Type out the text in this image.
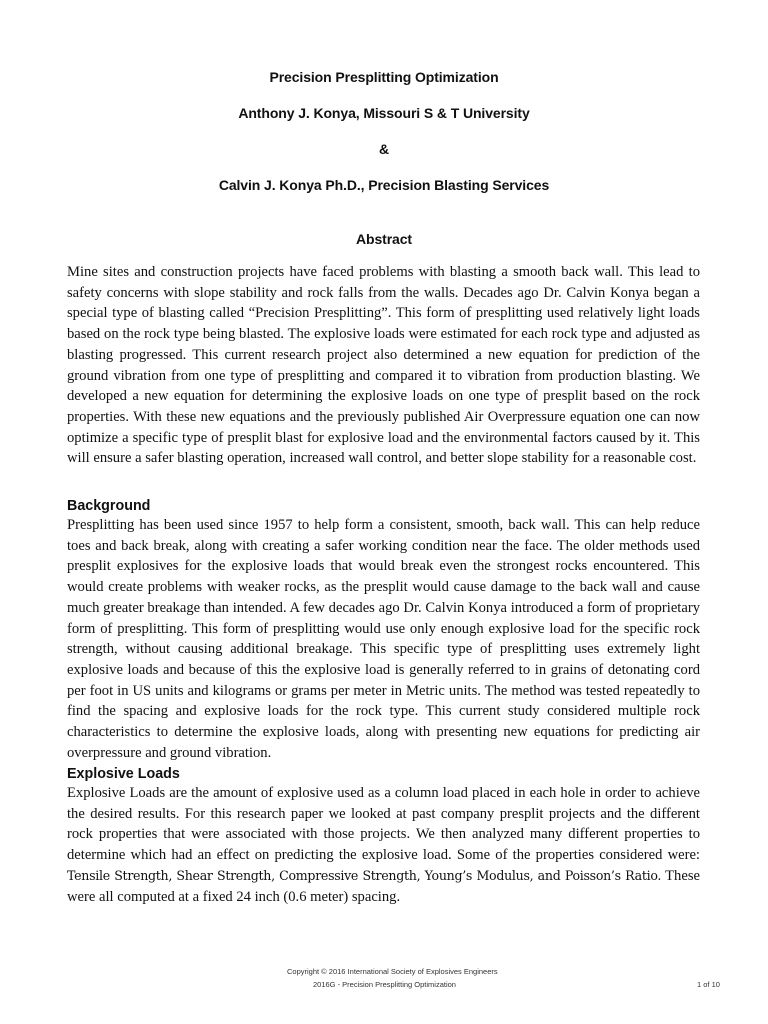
Precision Presplitting Optimization
Anthony J. Konya, Missouri S & T University
&
Calvin J. Konya Ph.D., Precision Blasting Services
Abstract

Mine sites and construction projects have faced problems with blasting a smooth back wall. This lead to safety concerns with slope stability and rock falls from the walls. Decades ago Dr. Calvin Konya began a special type of blasting called “Precision Presplitting”. This form of presplitting used relatively light loads based on the rock type being blasted. The explosive loads were estimated for each rock type and adjusted as blasting progressed. This current research project also determined a new equation for prediction of the ground vibration from one type of presplitting and compared it to vibration from production blasting. We developed a new equation for determining the explosive loads on one type of presplit based on the rock properties. With these new equations and the previously published Air Overpressure equation one can now optimize a specific type of presplit blast for explosive load and the environmental factors caused by it. This will ensure a safer blasting operation, increased wall control, and better slope stability for a reasonable cost.

Background

Presplitting has been used since 1957 to help form a consistent, smooth, back wall. This can help reduce toes and back break, along with creating a safer working condition near the face. The older methods used presplit explosives for the explosive loads that would break even the strongest rocks encountered. This would create problems with weaker rocks, as the presplit would cause damage to the back wall and cause much greater breakage than intended. A few decades ago Dr. Calvin Konya introduced a form of proprietary form of presplitting. This form of presplitting would use only enough explosive load for the specific rock strength, without causing additional breakage. This specific type of presplitting uses extremely light explosive loads and because of this the explosive load is generally referred to in grains of detonating cord per foot in US units and kilograms or grams per meter in Metric units. The method was tested repeatedly to find the spacing and explosive loads for the rock type. This current study considered multiple rock characteristics to determine the explosive loads, along with presenting new equations for predicting air overpressure and ground vibration.

Explosive Loads

Explosive Loads are the amount of explosive used as a column load placed in each hole in order to achieve the desired results. For this research paper we looked at past company presplit projects and the different rock properties that were associated with those projects. We then analyzed many different properties to determine which had an effect on predicting the explosive load. Some of the properties considered were: Tensile Strength, Shear Strength, Compressive Strength, Young’s Modulus, and Poisson’s Ratio. These were all computed at a fixed 24 inch (0.6 meter) spacing.

Copyright © 2016 International Society of Explosives Engineers
2016G - Precision Presplitting Optimization	1 of 10
